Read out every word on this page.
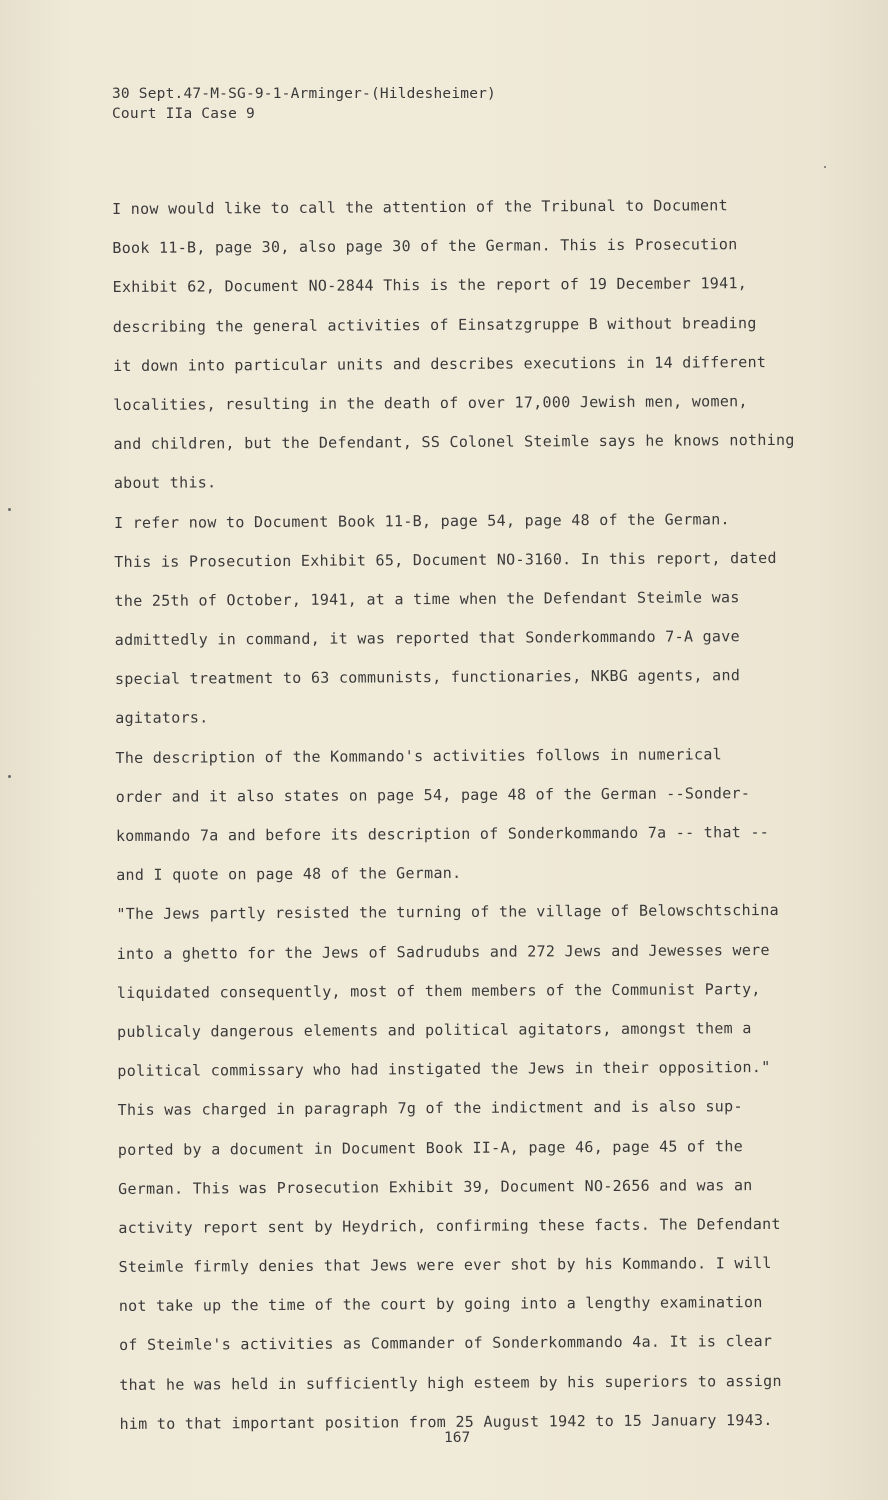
30 Sept.47-M-SG-9-1-Arminger-(Hildesheimer)
Court IIa Case 9
I now would like to call the attention of the Tribunal to Document
Book 11-B, page 30, also page 30 of the German. This is Prosecution
Exhibit 62, Document NO-2844 This is the report of 19 December 1941,
describing the general activities of Einsatzgruppe B without breading
it down into particular units and describes executions in 14 different
localities, resulting in the death of over 17,000 Jewish men, women,
and children, but the Defendant, SS Colonel Steimle says he knows nothing
about this.
I refer now to Document Book 11-B, page 54, page 48 of the German.
This is Prosecution Exhibit 65, Document NO-3160. In this report, dated
the 25th of October, 1941, at a time when the Defendant Steimle was
admittedly in command, it was reported that Sonderkommando 7-A gave
special treatment to 63 communists, functionaries, NKBG agents, and
agitators.
The description of the Kommando's activities follows in numerical
order and it also states on page 54, page 48 of the German --Sonder-
kommando 7a and before its description of Sonderkommando 7a -- that --
and I quote on page 48 of the German.
"The Jews partly resisted the turning of the village of Belowschtschina
into a ghetto for the Jews of Sadrudubs and 272 Jews and Jewesses were
liquidated consequently, most of them members of the Communist Party,
publicaly dangerous elements and political agitators, amongst them a
political commissary who had instigated the Jews in their opposition."
This was charged in paragraph 7g of the indictment and is also sup-
ported by a document in Document Book II-A, page 46, page 45 of the
German. This was Prosecution Exhibit 39, Document NO-2656 and was an
activity report sent by Heydrich, confirming these facts. The Defendant
Steimle firmly denies that Jews were ever shot by his Kommando. I will
not take up the time of the court by going into a lengthy examination
of Steimle's activities as Commander of Sonderkommando 4a. It is clear
that he was held in sufficiently high esteem by his superiors to assign
him to that important position from 25 August 1942 to 15 January 1943.
167
